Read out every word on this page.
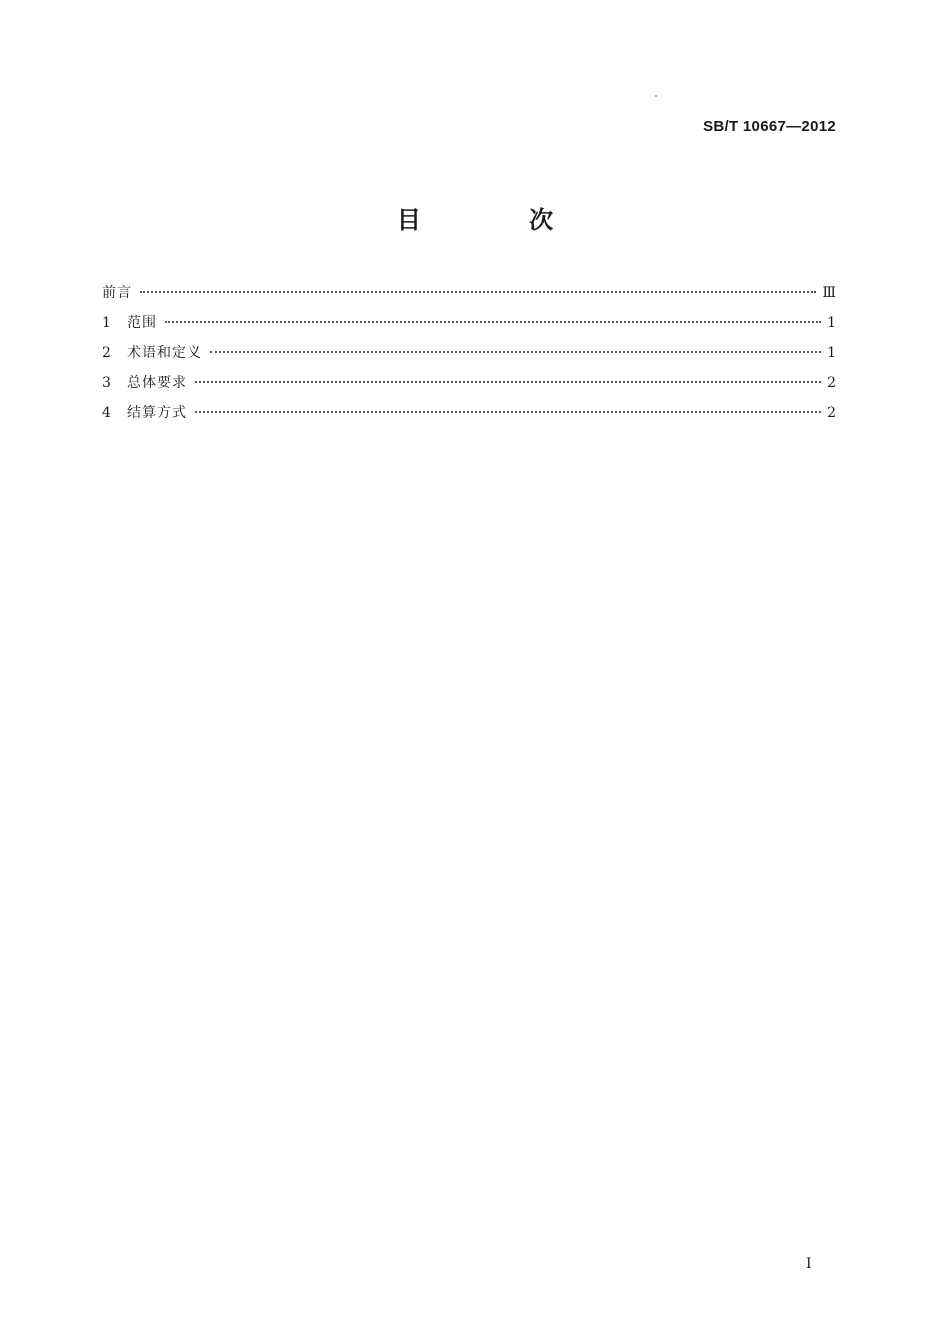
SB/T 10667—2012
目 次
前言	Ⅲ
1	范围	1
2	术语和定义	1
3	总体要求	2
4	结算方式	2
I
